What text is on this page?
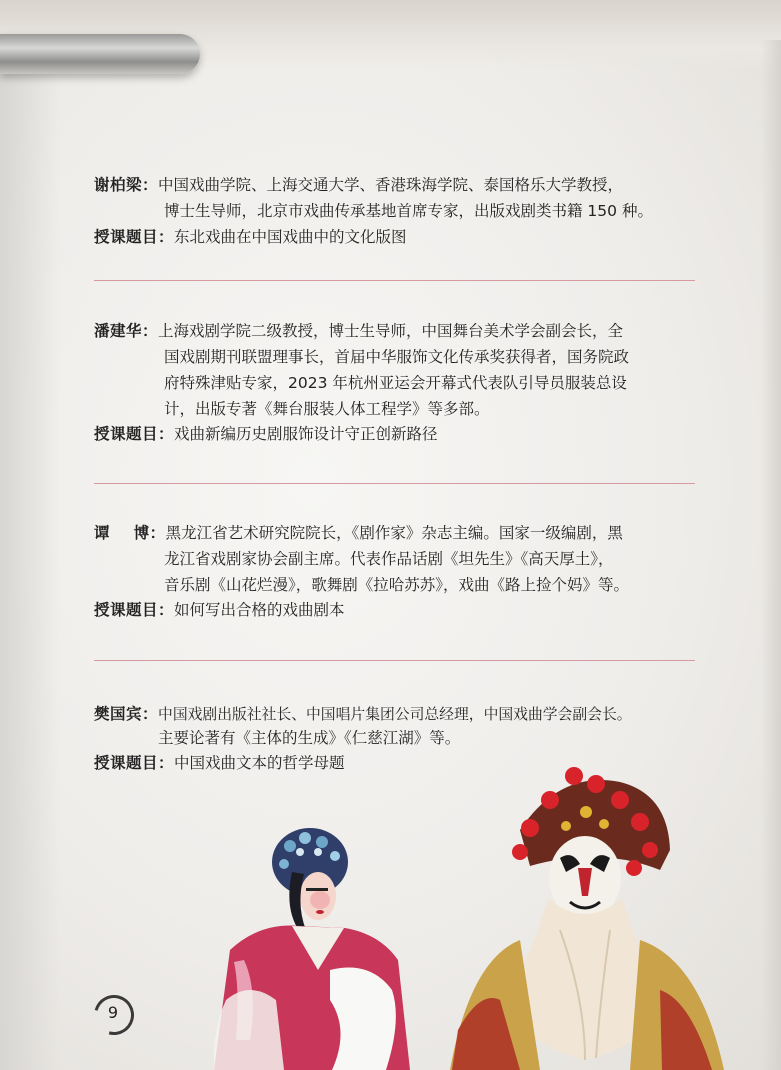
谢柏梁：中国戏曲学院、上海交通大学、香港珠海学院、泰国格乐大学教授，
博士生导师，北京市戏曲传承基地首席专家，出版戏剧类书籍 150 种。
授课题目：东北戏曲在中国戏曲中的文化版图
潘建华：上海戏剧学院二级教授，博士生导师，中国舞台美术学会副会长，全
国戏剧期刊联盟理事长，首届中华服饰文化传承奖获得者，国务院政
府特殊津贴专家，2023 年杭州亚运会开幕式代表队引导员服装总设
计，出版专著《舞台服装人体工程学》等多部。
授课题目：戏曲新编历史剧服饰设计守正创新路径
谭    博：黑龙江省艺术研究院院长，《剧作家》杂志主编。国家一级编剧，黑
龙江省戏剧家协会副主席。代表作品话剧《坦先生》《高天厚土》，
音乐剧《山花烂漫》，歌舞剧《拉哈苏苏》，戏曲《路上捡个妈》等。
授课题目：如何写出合格的戏曲剧本
樊国宾：中国戏剧出版社社长、中国唱片集团公司总经理，中国戏曲学会副会长。
主要论著有《主体的生成》《仁慈江湖》等。
授课题目：中国戏曲文本的哲学母题
9
